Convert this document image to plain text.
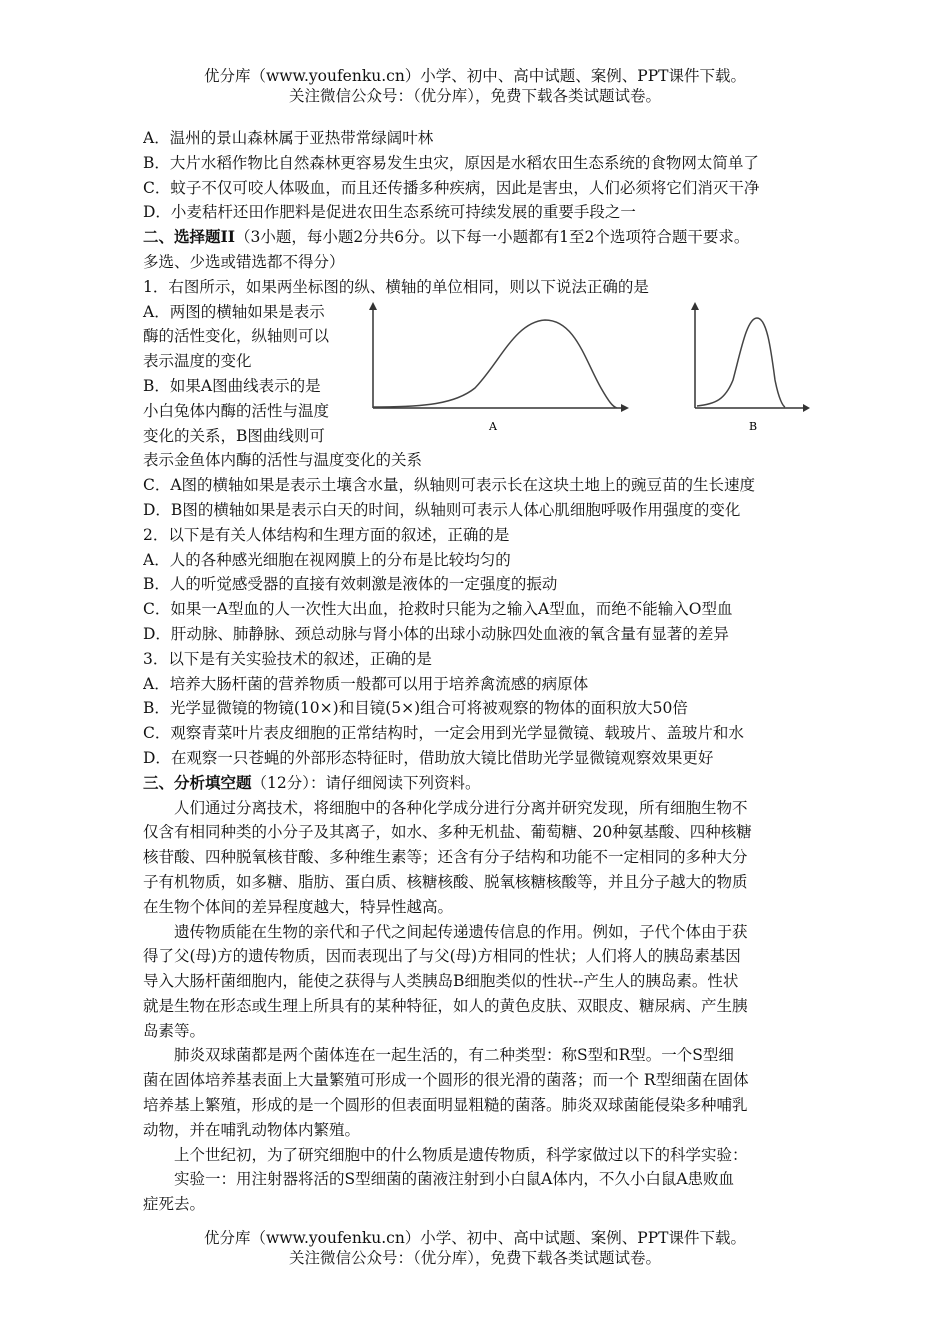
优分库（www.youfenku.cn）小学、初中、高中试题、案例、PPT课件下载。
关注微信公众号：（优分库），免费下载各类试题试卷。
A．温州的景山森林属于亚热带常绿阔叶林
B．大片水稻作物比自然森林更容易发生虫灾，原因是水稻农田生态系统的食物网太简单了
C．蚊子不仅可咬人体吸血，而且还传播多种疾病，因此是害虫，人们必须将它们消灭干净
D．小麦秸杆还田作肥料是促进农田生态系统可持续发展的重要手段之一
二、选择题II（3小题，每小题2分共6分。以下每一小题都有1至2个选项符合题干要求。
多选、少选或错选都不得分）
1．右图所示，如果两坐标图的纵、横轴的单位相同，则以下说法正确的是
A．两图的横轴如果是表示
酶的活性变化，纵轴则可以
表示温度的变化
B．如果A图曲线表示的是
小白兔体内酶的活性与温度
变化的关系，B图曲线则可
A	B
表示金鱼体内酶的活性与温度变化的关系
C．A图的横轴如果是表示土壤含水量，纵轴则可表示长在这块土地上的豌豆苗的生长速度
D．B图的横轴如果是表示白天的时间，纵轴则可表示人体心肌细胞呼吸作用强度的变化
2．以下是有关人体结构和生理方面的叙述，正确的是
A．人的各种感光细胞在视网膜上的分布是比较均匀的
B．人的听觉感受器的直接有效刺激是液体的一定强度的振动
C．如果一A型血的人一次性大出血，抢救时只能为之输入A型血，而绝不能输入O型血
D．肝动脉、肺静脉、颈总动脉与肾小体的出球小动脉四处血液的氧含量有显著的差异
3．以下是有关实验技术的叙述，正确的是
A．培养大肠杆菌的营养物质一般都可以用于培养禽流感的病原体
B．光学显微镜的物镜(10×)和目镜(5×)组合可将被观察的物体的面积放大50倍
C．观察青菜叶片表皮细胞的正常结构时，一定会用到光学显微镜、载玻片、盖玻片和水
D．在观察一只苍蝇的外部形态特征时，借助放大镜比借助光学显微镜观察效果更好
三、分析填空题（12分）：请仔细阅读下列资料。
人们通过分离技术，将细胞中的各种化学成分进行分离并研究发现，所有细胞生物不
仅含有相同种类的小分子及其离子，如水、多种无机盐、葡萄糖、20种氨基酸、四种核糖
核苷酸、四种脱氧核苷酸、多种维生素等；还含有分子结构和功能不一定相同的多种大分
子有机物质，如多糖、脂肪、蛋白质、核糖核酸、脱氧核糖核酸等，并且分子越大的物质
在生物个体间的差异程度越大，特异性越高。
遗传物质能在生物的亲代和子代之间起传递遗传信息的作用。例如，子代个体由于获
得了父(母)方的遗传物质，因而表现出了与父(母)方相同的性状；人们将人的胰岛素基因
导入大肠杆菌细胞内，能使之获得与人类胰岛B细胞类似的性状--产生人的胰岛素。性状
就是生物在形态或生理上所具有的某种特征，如人的黄色皮肤、双眼皮、糖尿病、产生胰
岛素等。
肺炎双球菌都是两个菌体连在一起生活的，有二种类型：称S型和R型。一个S型细
菌在固体培养基表面上大量繁殖可形成一个圆形的很光滑的菌落；而一个 R型细菌在固体
培养基上繁殖，形成的是一个圆形的但表面明显粗糙的菌落。肺炎双球菌能侵染多种哺乳
动物，并在哺乳动物体内繁殖。
上个世纪初，为了研究细胞中的什么物质是遗传物质，科学家做过以下的科学实验：
实验一：用注射器将活的S型细菌的菌液注射到小白鼠A体内，不久小白鼠A患败血
症死去。
优分库（www.youfenku.cn）小学、初中、高中试题、案例、PPT课件下载。
关注微信公众号：（优分库），免费下载各类试题试卷。
